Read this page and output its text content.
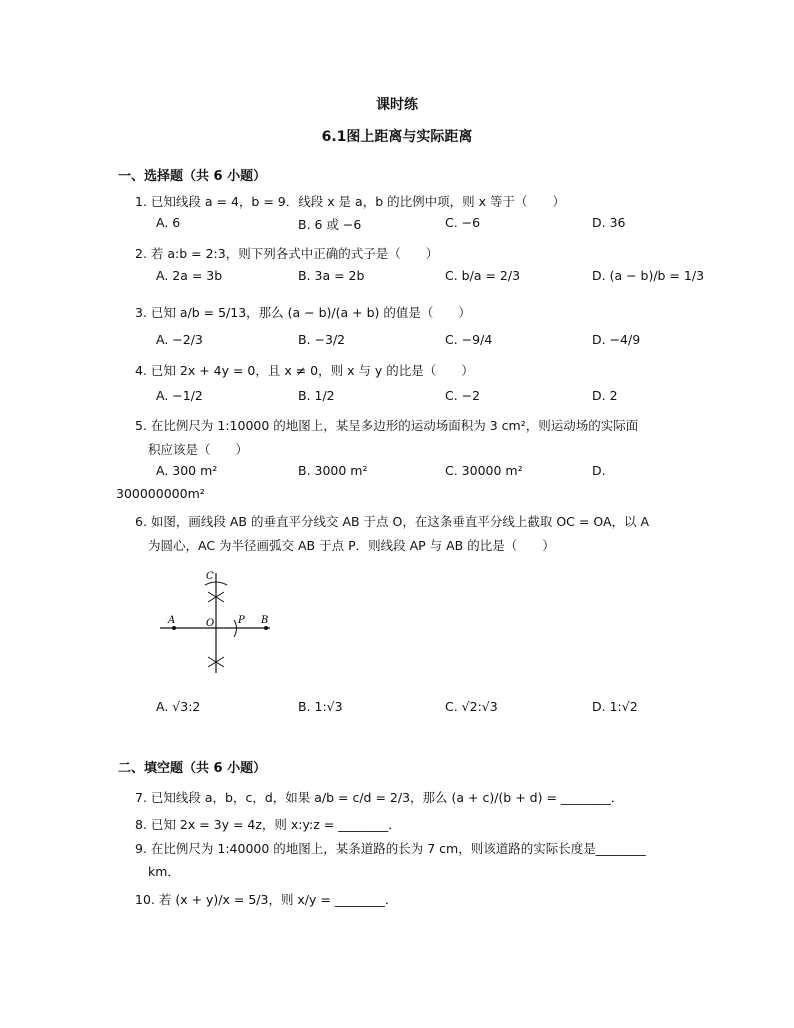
课时练
6.1图上距离与实际距离
一、选择题（共 6 小题）
1. 已知线段 a = 4，b = 9．线段 x 是 a，b 的比例中项，则 x 等于（　　）
A. 6	B. 6 或 −6	C. −6	D. 36
2. 若 a:b = 2:3，则下列各式中正确的式子是（　　）
A. 2a = 3b	B. 3a = 2b	C. b/a = 2/3	D. (a − b)/b = 1/3
3. 已知 a/b = 5/13，那么 (a − b)/(a + b) 的值是（　　）
A. −2/3	B. −3/2	C. −9/4	D. −4/9
4. 已知 2x + 4y = 0，且 x ≠ 0，则 x 与 y 的比是（　　）
A. −1/2	B. 1/2	C. −2	D. 2
5. 在比例尺为 1:10000 的地图上，某呈多边形的运动场面积为 3 cm²，则运动场的实际面
积应该是（　　）
A. 300 m²	B. 3000 m²	C. 30000 m²	D.
300000000m²
6. 如图，画线段 AB 的垂直平分线交 AB 于点 O，在这条垂直平分线上截取 OC = OA，以 A
为圆心，AC 为半径画弧交 AB 于点 P．则线段 AP 与 AB 的比是（　　）
C
A	O P B
A. √3:2	B. 1:√3	C. √2:√3	D. 1:√2
二、填空题（共 6 小题）
7. 已知线段 a，b，c，d，如果 a/b = c/d = 2/3，那么 (a + c)/(b + d) = ________．
8. 已知 2x = 3y = 4z，则 x:y:z = ________．
9. 在比例尺为 1:40000 的地图上，某条道路的长为 7 cm，则该道路的实际长度是________
km．
10. 若 (x + y)/x = 5/3，则 x/y = ________．
